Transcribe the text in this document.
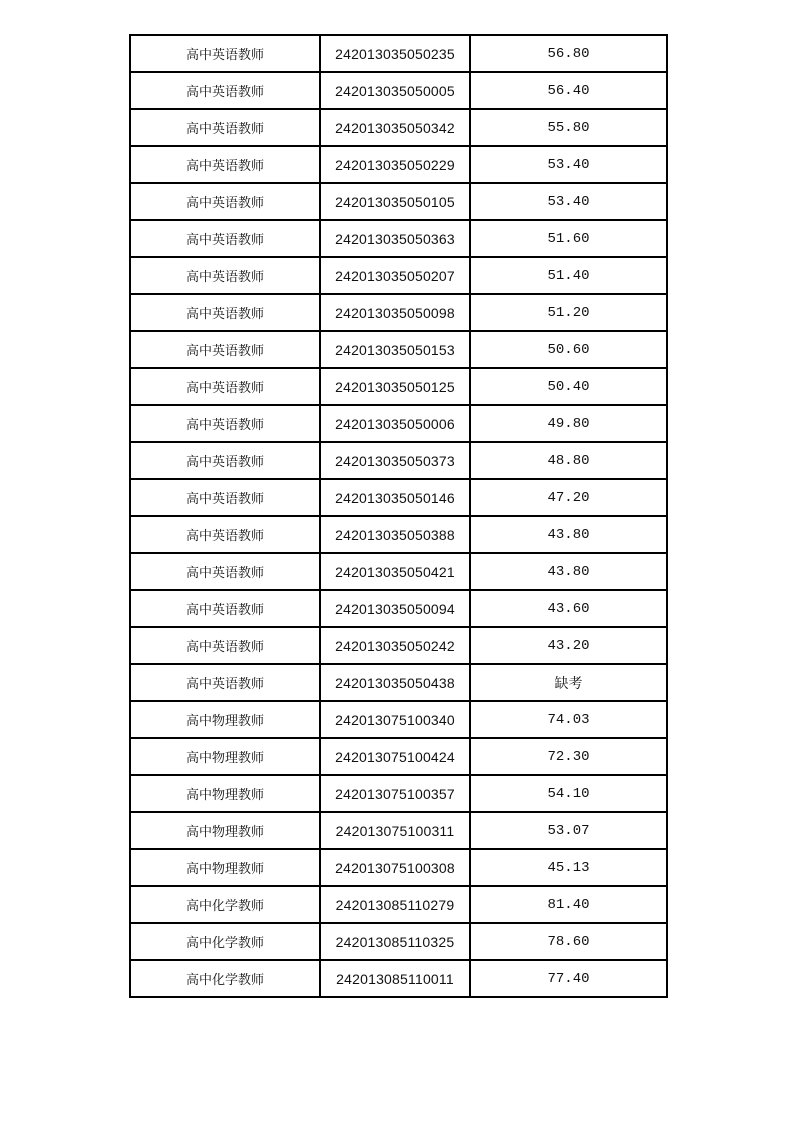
高中英语教师	242013035050235	56.80
高中英语教师	242013035050005	56.40
高中英语教师	242013035050342	55.80
高中英语教师	242013035050229	53.40
高中英语教师	242013035050105	53.40
高中英语教师	242013035050363	51.60
高中英语教师	242013035050207	51.40
高中英语教师	242013035050098	51.20
高中英语教师	242013035050153	50.60
高中英语教师	242013035050125	50.40
高中英语教师	242013035050006	49.80
高中英语教师	242013035050373	48.80
高中英语教师	242013035050146	47.20
高中英语教师	242013035050388	43.80
高中英语教师	242013035050421	43.80
高中英语教师	242013035050094	43.60
高中英语教师	242013035050242	43.20
高中英语教师	242013035050438	缺考
高中物理教师	242013075100340	74.03
高中物理教师	242013075100424	72.30
高中物理教师	242013075100357	54.10
高中物理教师	242013075100311	53.07
高中物理教师	242013075100308	45.13
高中化学教师	242013085110279	81.40
高中化学教师	242013085110325	78.60
高中化学教师	242013085110011	77.40
